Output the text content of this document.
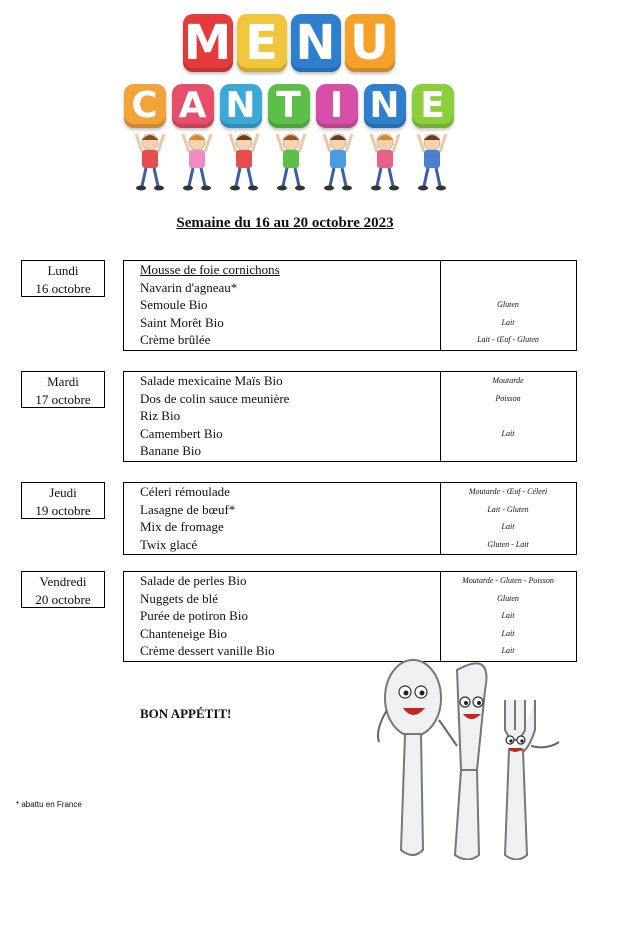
M E N U
C A N T I N E
Semaine du 16 au 20 octobre 2023
Lundi
16 octobre
Mousse de foie cornichons
Navarin d'agneau*
Semoule Bio	Gluten
Saint Morêt Bio	Lait
Crème brûlée	Lait - Œuf - Gluten
Mardi
17 octobre
Salade mexicaine Maïs Bio	Moutarde
Dos de colin sauce meunière	Poisson
Riz Bio
Camembert Bio	Lait
Banane Bio
Jeudi
19 octobre
Céleri rémoulade	Moutarde - Œuf - Céleri
Lasagne de bœuf*	Lait - Gluten
Mix de fromage	Lait
Twix glacé	Gluten - Lait
Vendredi
20 octobre
Salade de perles Bio	Moutarde - Gluten - Poisson
Nuggets de blé	Gluten
Purée de potiron Bio	Lait
Chanteneige Bio	Lait
Crème dessert vanille Bio	Lait
BON APPÉTIT!
* abattu en France
